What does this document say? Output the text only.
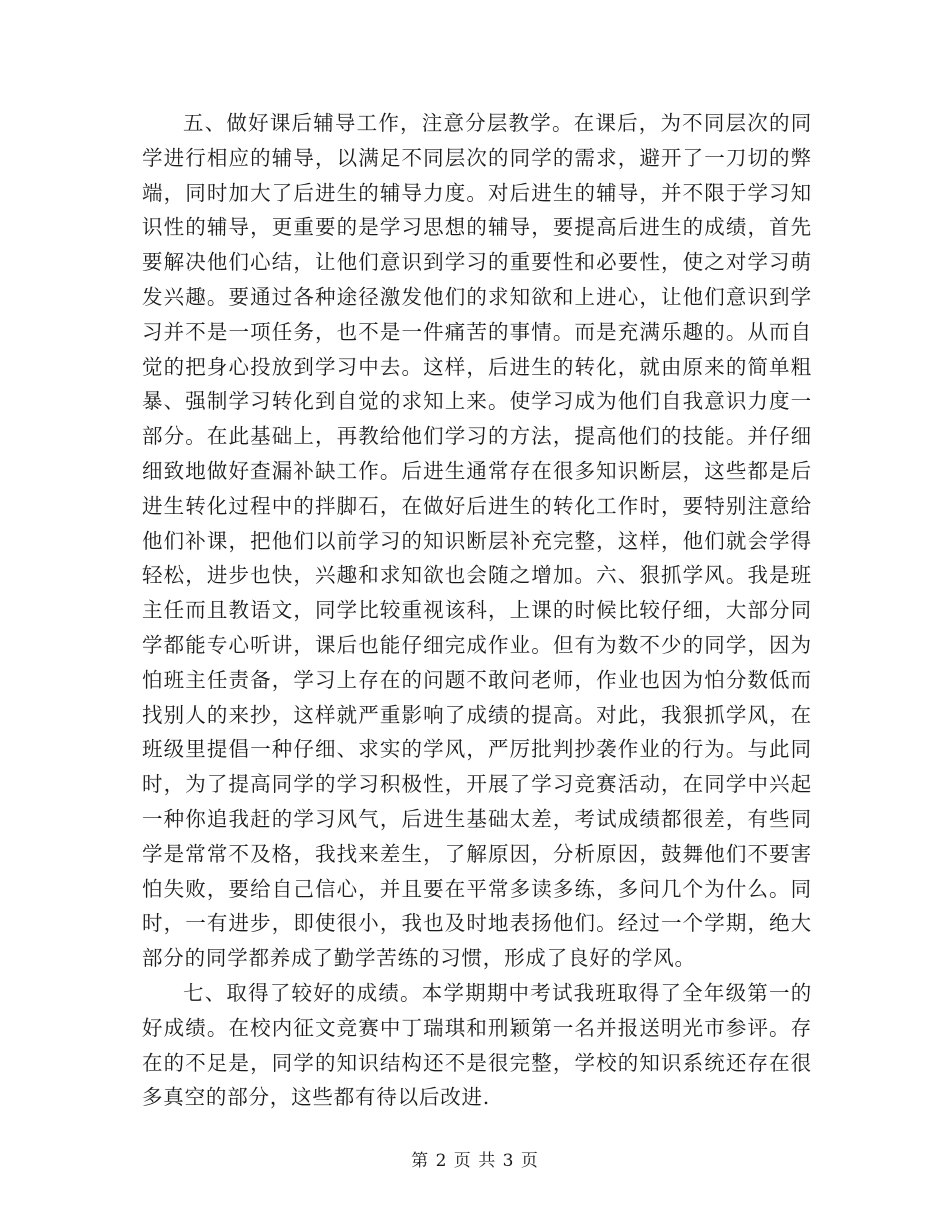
五、做好课后辅导工作，注意分层教学。在课后，为不同层次的同学进行相应的辅导，以满足不同层次的同学的需求，避开了一刀切的弊端，同时加大了后进生的辅导力度。对后进生的辅导，并不限于学习知识性的辅导，更重要的是学习思想的辅导，要提高后进生的成绩，首先要解决他们心结，让他们意识到学习的重要性和必要性，使之对学习萌发兴趣。要通过各种途径激发他们的求知欲和上进心，让他们意识到学习并不是一项任务，也不是一件痛苦的事情。而是充满乐趣的。从而自觉的把身心投放到学习中去。这样，后进生的转化，就由原来的简单粗暴、强制学习转化到自觉的求知上来。使学习成为他们自我意识力度一部分。在此基础上，再教给他们学习的方法，提高他们的技能。并仔细细致地做好查漏补缺工作。后进生通常存在很多知识断层，这些都是后进生转化过程中的拌脚石，在做好后进生的转化工作时，要特别注意给他们补课，把他们以前学习的知识断层补充完整，这样，他们就会学得轻松，进步也快，兴趣和求知欲也会随之增加。六、狠抓学风。我是班主任而且教语文，同学比较重视该科，上课的时候比较仔细，大部分同学都能专心听讲，课后也能仔细完成作业。但有为数不少的同学，因为怕班主任责备，学习上存在的问题不敢问老师，作业也因为怕分数低而找别人的来抄，这样就严重影响了成绩的提高。对此，我狠抓学风，在班级里提倡一种仔细、求实的学风，严厉批判抄袭作业的行为。与此同时，为了提高同学的学习积极性，开展了学习竞赛活动，在同学中兴起一种你追我赶的学习风气，后进生基础太差，考试成绩都很差，有些同学是常常不及格，我找来差生，了解原因，分析原因，鼓舞他们不要害怕失败，要给自己信心，并且要在平常多读多练，多问几个为什么。同时，一有进步，即使很小，我也及时地表扬他们。经过一个学期，绝大部分的同学都养成了勤学苦练的习惯，形成了良好的学风。

七、取得了较好的成绩。本学期期中考试我班取得了全年级第一的好成绩。在校内征文竞赛中丁瑞琪和刑颖第一名并报送明光市参评。存在的不足是，同学的知识结构还不是很完整，学校的知识系统还存在很多真空的部分，这些都有待以后改进.

第 2 页 共 3 页
